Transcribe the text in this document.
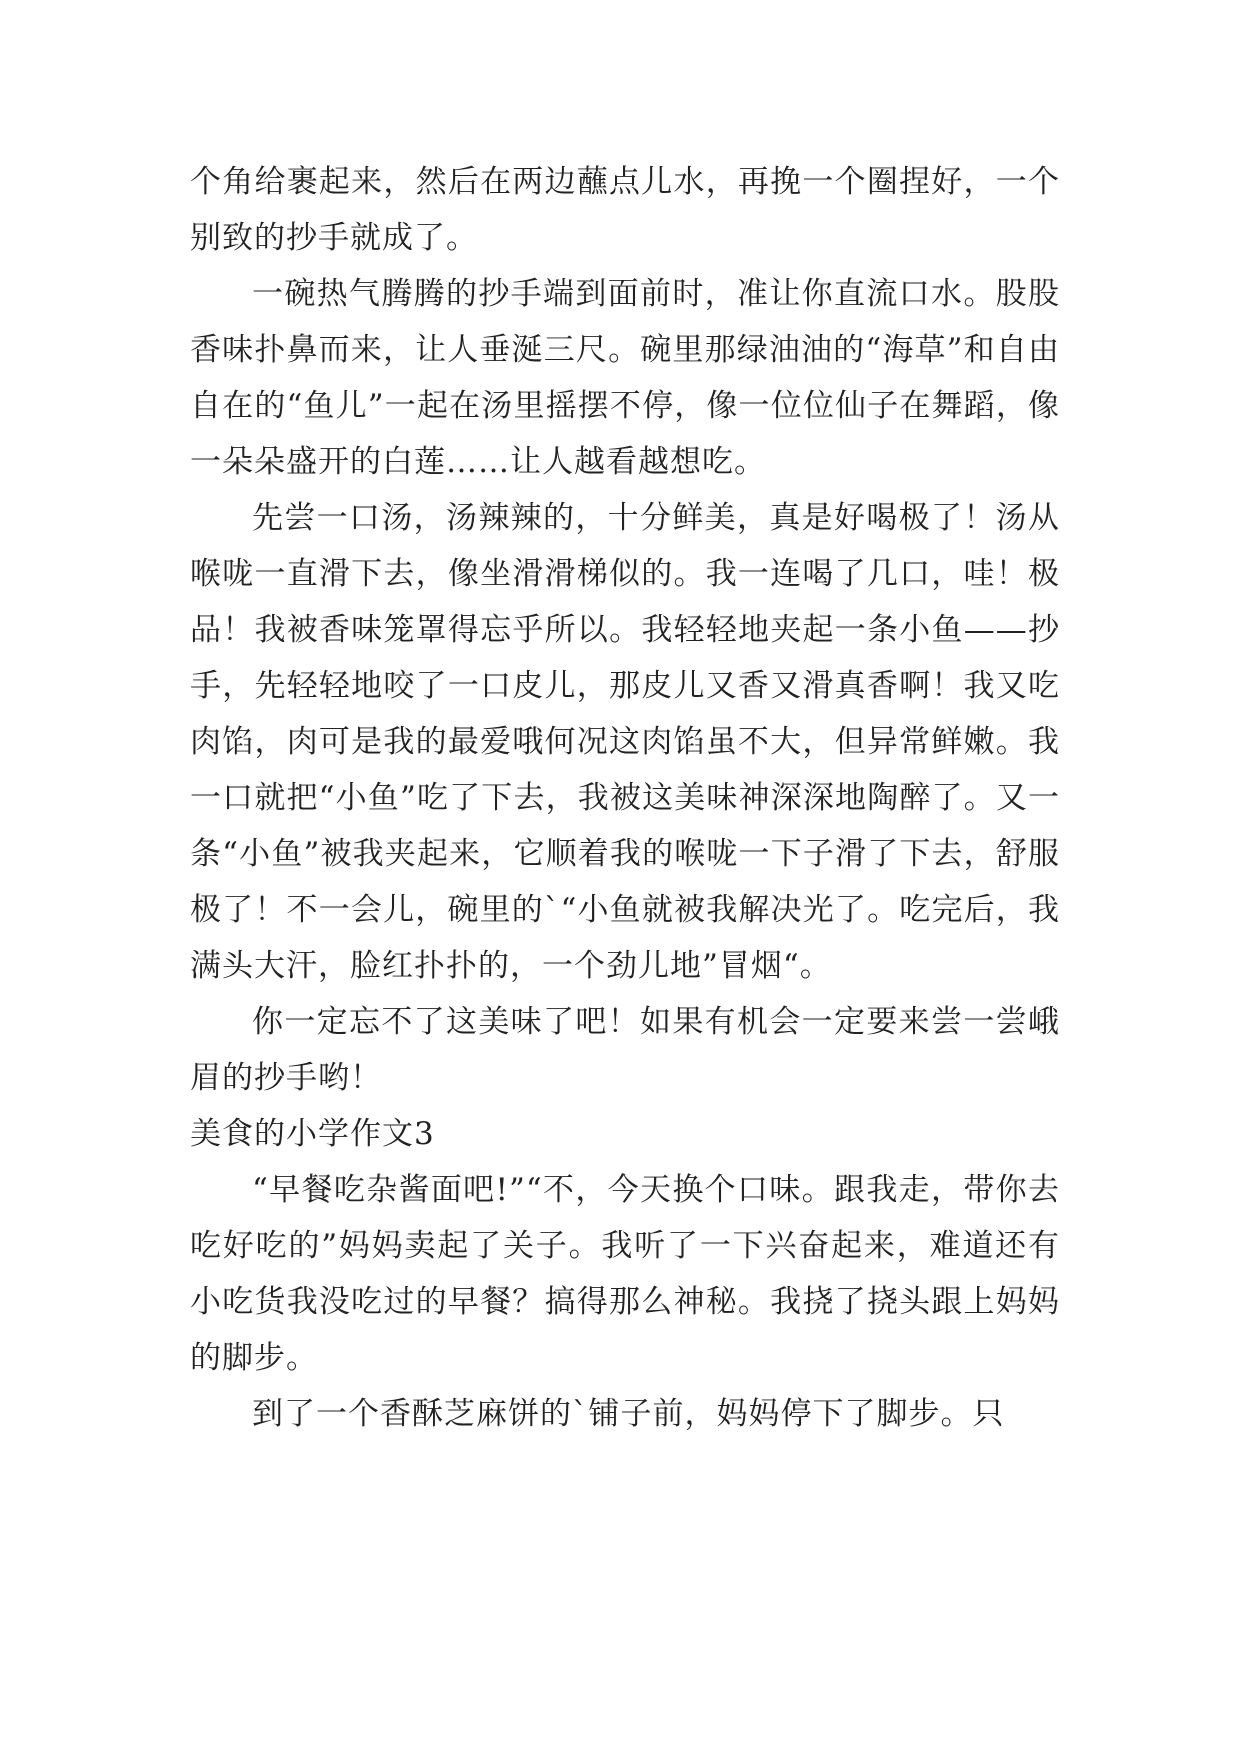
个角给裹起来，然后在两边蘸点儿水，再挽一个圈捏好，一个别致的抄手就成了。

一碗热气腾腾的抄手端到面前时，准让你直流口水。股股香味扑鼻而来，让人垂涎三尺。碗里那绿油油的“海草”和自由自在的“鱼儿”一起在汤里摇摆不停，像一位位仙子在舞蹈，像一朵朵盛开的白莲……让人越看越想吃。

先尝一口汤，汤辣辣的，十分鲜美，真是好喝极了！汤从喉咙一直滑下去，像坐滑滑梯似的。我一连喝了几口，哇！极品！我被香味笼罩得忘乎所以。我轻轻地夹起一条小鱼——抄手，先轻轻地咬了一口皮儿，那皮儿又香又滑真香啊！我又吃肉馅，肉可是我的最爱哦何况这肉馅虽不大，但异常鲜嫩。我一口就把“小鱼”吃了下去，我被这美味神深深地陶醉了。又一条“小鱼”被我夹起来，它顺着我的喉咙一下子滑了下去，舒服极了！不一会儿，碗里的`“小鱼就被我解决光了。吃完后，我满头大汗，脸红扑扑的，一个劲儿地”冒烟“。

你一定忘不了这美味了吧！如果有机会一定要来尝一尝峨眉的抄手哟！

美食的小学作文3

“早餐吃杂酱面吧!”“不，今天换个口味。跟我走，带你去吃好吃的”妈妈卖起了关子。我听了一下兴奋起来，难道还有小吃货我没吃过的早餐？搞得那么神秘。我挠了挠头跟上妈妈的脚步。

到了一个香酥芝麻饼的`铺子前，妈妈停下了脚步。只
